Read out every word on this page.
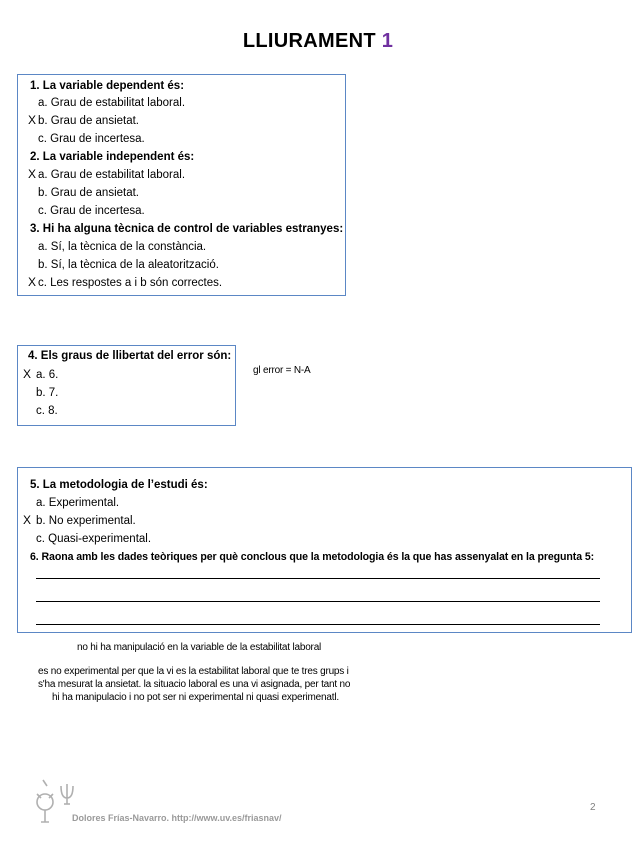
LLIURAMENT 1
1. La variable dependent és:
a. Grau de estabilitat laboral.
X b. Grau de ansietat.
c. Grau de incertesa.
2. La variable independent és:
X a. Grau de estabilitat laboral.
b. Grau de ansietat.
c. Grau de incertesa.
3. Hi ha alguna tècnica de control de variables estranyes:
a. Sí, la tècnica de la constància.
b. Sí, la tècnica de la aleatorització.
X c. Les respostes a i b són correctes.
4. Els graus de llibertat del error són:
X a. 6.
b. 7.
c. 8.
gl error = N-A
5. La metodologia de l’estudi és:
a. Experimental.
X b. No experimental.
c. Quasi-experimental.
6. Raona amb les dades teòriques per què conclous que la metodologia és la que has assenyalat en la pregunta 5:
no hi ha manipulació en la variable de la estabilitat laboral
es no experimental per que la vi es la estabilitat laboral que te tres grups i
s'ha mesurat la ansietat. la situacio laboral es una vi asignada, per tant no
hi ha manipulacio i no pot ser ni experimental ni quasi experimenatl.
Dolores Frías-Navarro. http://www.uv.es/friasnav/
2
